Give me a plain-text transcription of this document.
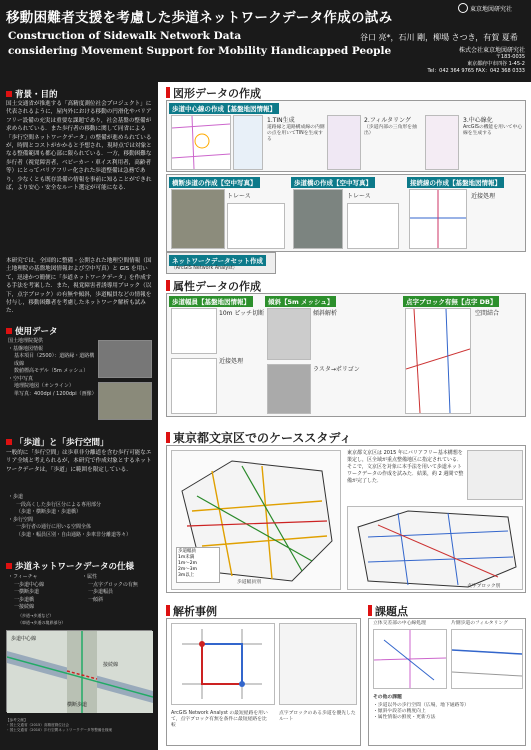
移動困難者支援を考慮した歩道ネットワークデータ作成の試み
Construction of Sidewalk Network Data
considering Movement Support for Mobility Handicapped People
東京地図研究社
谷口 亮*，石川 剛，柳場 さつき，有賀 夏希
株式会社東京地図研究社
〒183-0035
東京都府中市四谷 1-45-2
Tel：042 364 9765 FAX：042 368 0333
背景・目的
国土交通省が推進する「高精度測位社会プロジェクト」に代表されるように，屋内外における移動の円滑化やバリアフリー設備の充実は重要な課題であり，社会基盤の整備が求められている．また歩行者の移動に関して同省による「歩行空間ネットワークデータ」の整備が進められているが，時間とコストがかかると予想され，現時点では対象となる整備範囲も都心部に限られている．一方，移動困難な歩行者（視覚障害者，ベビーカー・車イス利用者，高齢者等）にとってバリアフリー化された歩道整備は急務であり，少なくとも既存設備の情報を事前に知ることができれば，より安心・安全なルート選定が可能になる．
本研究では，全国的に整備・公開された地理空間情報（国土地理院の基盤地図情報および空中写真）と GIS を用いて，迅速かつ簡便に「歩道ネットワークデータ」を作成する手法を考案した．また，視覚障害者誘導用ブロック（以下，点字ブロック）の有無や傾斜，歩道幅員などの情報を付与し，移動困難者を考慮したネットワーク解析も試みた．
使用データ
国土地理院提供
・基盤地図情報
基本項目（2500）：道路縁・道路構成線
数値標高モデル（5m メッシュ）
・空中写真
地理院地図（オンライン）
単写真：400dpi / 1200dpi（画像）
「歩道」と「歩行空間」
一般的に「歩行空間」は歩車非分離道を含む歩行可能なエリア全域と考えられるが，本研究で作成対象とするネットワークデータは，「歩道」に範囲を限定している．
・歩道
一段高くした歩行区分による専用部分
（歩道・横断歩道・歩道橋）
・歩行空間
一歩行者の通行に用いる空間全体
（歩道・幅員区別・自由通路・歩車非分離道等々）
歩道ネットワークデータの仕様
・フィーチャ
一歩道中心線
一横断歩道
一歩道橋
一接続線
（歩道→歩道など）
（車道→歩道の境界部分）
・属性
一点字ブロックの有無
一歩道幅員
一傾斜
歩道中心線
接続線
横断歩道
【参考文献】
・国土交通省（2015）高精度測位社会
・国土交通省（2010）歩行空間ネットワークデータ等整備仕様案
図形データの作成
歩道中心線の作成【基盤地図情報】
1.TIN生成
道路縁と道路構成線の内側の点を用いてTINを生成する
2.フィルタリング
（歩道内部の三角形を抽出）
3.中心線化
ArcGISの機能を用いて中心線を生成する
横断歩道の作成【空中写真】
トレース
歩道橋の作成【空中写真】
トレース
接続線の作成【基盤地図情報】
近接処理
ネットワークデータセット作成
（ArcGIS Network Analyst）
属性データの作成
歩道幅員【基盤地図情報】
10m ピッチ切断
近接処理
傾斜【5m メッシュ】
傾斜解析
ラスタ→ポリゴン
点字ブロック有無【点字 DB】
空間結合
東京都文京区でのケーススタディ
歩道幅員
1m未満
1m～2m
2m～3m
3m以上
歩道幅員別
東京都文京区は 2015 年にバリアフリー基本構想を策定し，区全域が重点整備地区に指定されている．そこで，文京区を対象に本手法を用いて歩道ネットワークデータの作成を試みた．結果，約 2 週間で整備が完了した．
点字ブロック別
解析事例
ArcGIS Network Analyst の最短経路を用いて，点字ブロック有無を条件に最短経路を比較
点字ブロックのある歩道を優先したルート
課題点
立体交差部の中心線処理	片側歩道のフィルタリング
その他の課題
・歩道以外の歩行空間（広場，地下通路等）
・傾斜や段差の精度向上
・属性情報の鮮度・更新方法
